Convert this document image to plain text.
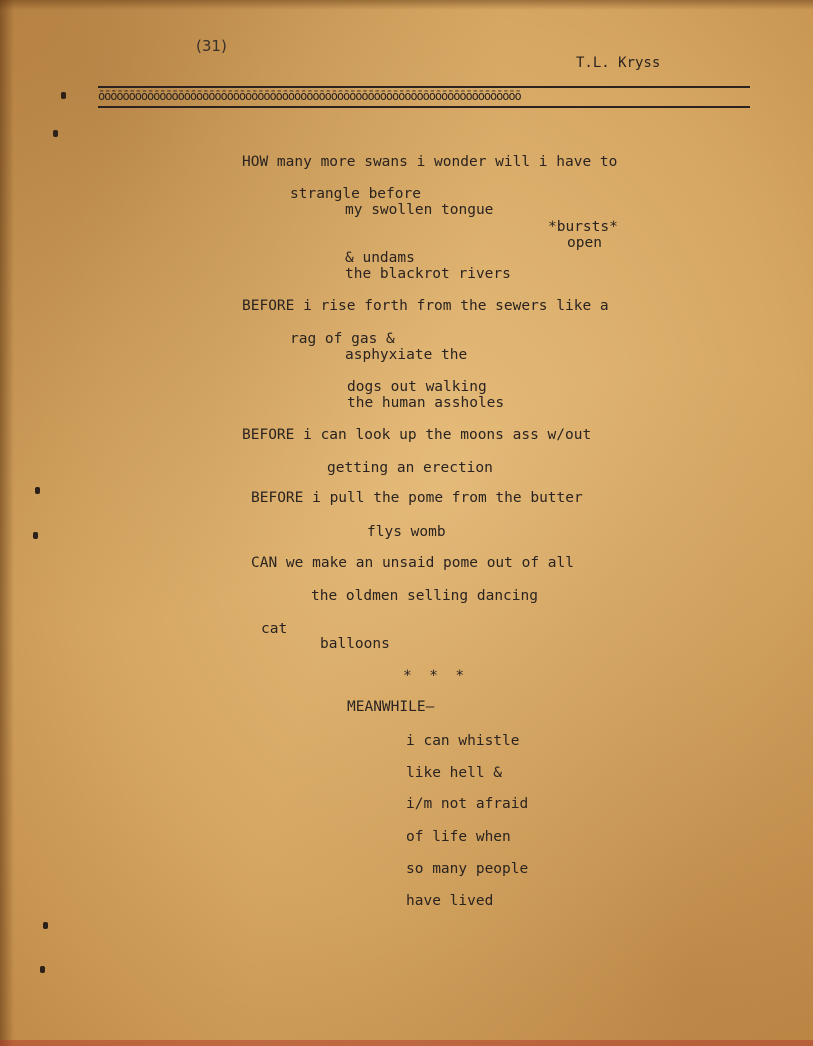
(31)
T.L. Kryss
ōōōōōōōōōōōōōōōōōōōōōōōōōōōōōōōōōōōōōōōōōōōōōōōōōōōōōōōōōōōōōōōōōōōōō
HOW many more swans i wonder will i have to
strangle before
my swollen tongue
*bursts*
open
& undams
the blackrot rivers
BEFORE i rise forth from the sewers like a
rag of gas &
asphyxiate the
dogs out walking
the human assholes
BEFORE i can look up the moons ass w/out
getting an erection
BEFORE i pull the pome from the butter
flys womb
CAN we make an unsaid pome out of all
the oldmen selling dancing
cat
balloons
*  *  *
MEANWHILE—
i can whistle
like hell &
i/m not afraid
of life when
so many people
have lived
